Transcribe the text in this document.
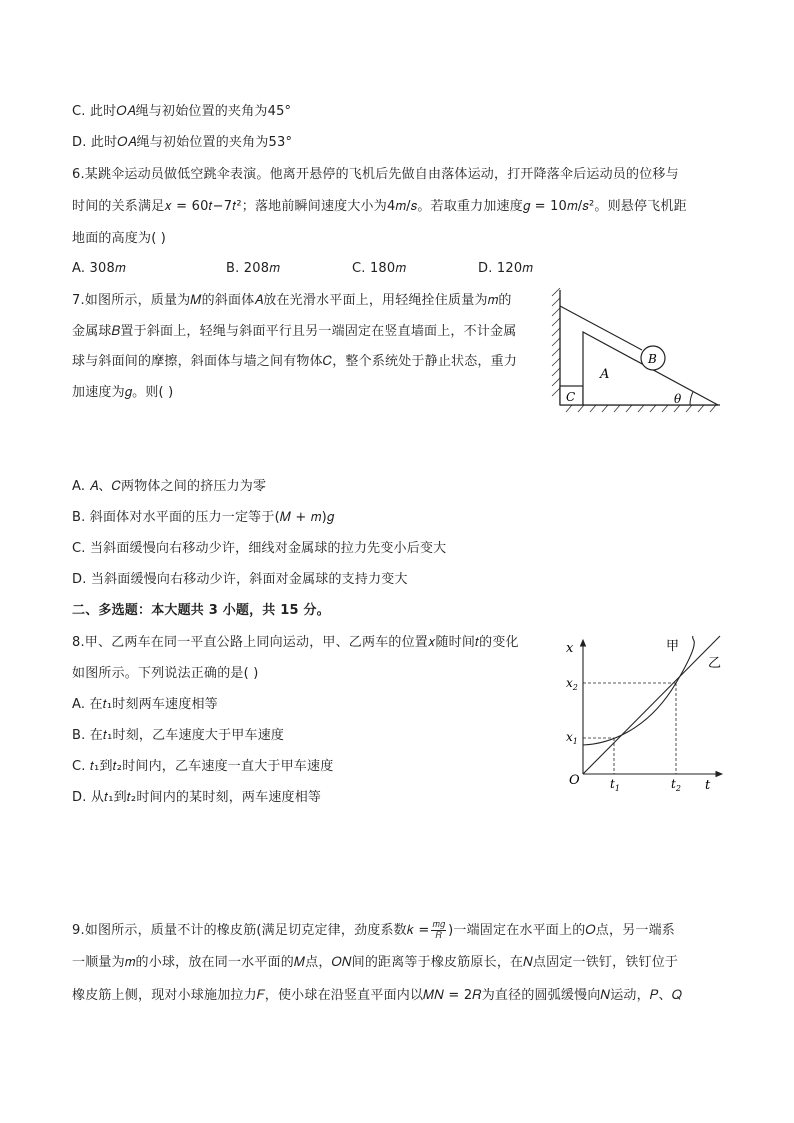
C. 此时𝑂𝐴绳与初始位置的夹角为45°
D. 此时𝑂𝐴绳与初始位置的夹角为53°
6.某跳伞运动员做低空跳伞表演。他离开悬停的飞机后先做自由落体运动，打开降落伞后运动员的位移与
时间的关系满足𝑥 = 60𝑡−7𝑡²；落地前瞬间速度大小为4𝑚/𝑠。若取重力加速度𝑔 = 10𝑚/𝑠²。则悬停飞机距
地面的高度为( )
A. 308𝑚	B. 208𝑚	C. 180𝑚	D. 120𝑚
7.如图所示，质量为𝑀的斜面体𝐴放在光滑水平面上，用轻绳拴住质量为𝑚的
金属球𝐵置于斜面上，轻绳与斜面平行且另一端固定在竖直墙面上，不计金属
球与斜面间的摩擦，斜面体与墙之间有物体𝐶，整个系统处于静止状态，重力
加速度为𝑔。则( )	C
A
B
θ
A. 𝐴、𝐶两物体之间的挤压力为零
B. 斜面体对水平面的压力一定等于(𝑀 + 𝑚)𝑔
C. 当斜面缓慢向右移动少许，细线对金属球的拉力先变小后变大
D. 当斜面缓慢向右移动少许，斜面对金属球的支持力变大
二、多选题：本大题共 3 小题，共 15 分。
8.甲、乙两车在同一平直公路上同向运动，甲、乙两车的位置𝑥随时间𝑡的变化
如图所示。下列说法正确的是( )
A. 在𝑡₁时刻两车速度相等
B. 在𝑡₁时刻，乙车速度大于甲车速度
C. 𝑡₁到𝑡₂时间内，乙车速度一直大于甲车速度
D. 从𝑡₁到𝑡₂时间内的某时刻，两车速度相等
x
t
O
甲
乙
$x_2$
$x_1$
$t_1$	$t_2$
9.如图所示，质量不计的橡皮筋(满足切克定律，劲度系数𝑘 = 𝑚𝑔
𝑅 )一端固定在水平面上的𝑂点，另一端系
一顺量为𝑚的小球，放在同一水平面的𝑀点，𝑂𝑁间的距离等于橡皮筋原长，在𝑁点固定一铁钉，铁钉位于
橡皮筋上侧，现对小球施加拉力𝐹，使小球在沿竖直平面内以𝑀𝑁 = 2𝑅为直径的圆弧缓慢向𝑁运动，𝑃、𝑄
